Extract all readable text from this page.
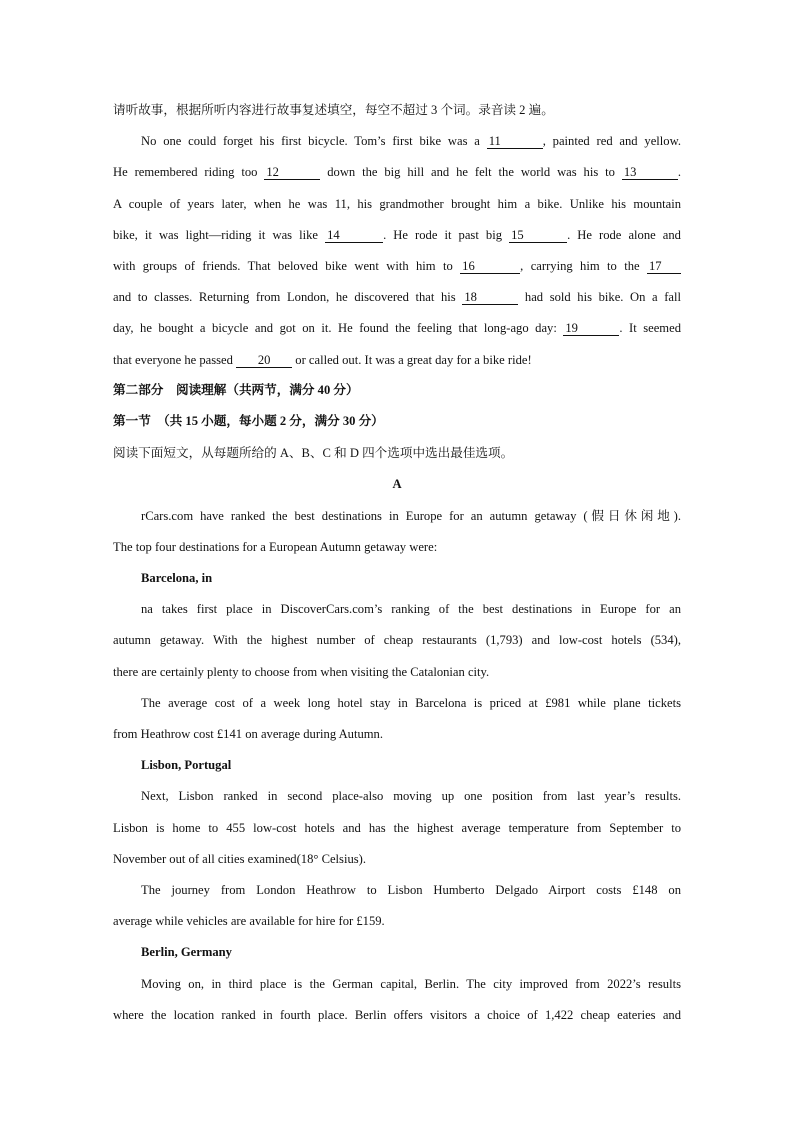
请听故事，根据所听内容进行故事复述填空，每空不超过 3 个词。录音读 2 遍。
No one could forget his first bicycle. Tom’s first bike was a 11	, painted red and yellow.
He remembered riding too 12	down the big hill and he felt the world was his to 13	.
A couple of years later, when he was 11, his grandmother brought him a bike. Unlike his mountain
bike, it was light—riding it was like 14	. He rode it past big 15	. He rode alone and
with groups of friends. That beloved bike went with him to 16	, carrying him to the 17
and to classes. Returning from London, he discovered that his 18	had sold his bike. On a fall
day, he bought a bicycle and got on it. He found the feeling that long-ago day: 19	. It seemed
that everyone he passed 20 or called out. It was a great day for a bike ride!
第二部分　阅读理解（共两节，满分 40 分）
第一节　（共 15 小题，每小题 2 分，满分 30 分）
阅读下面短文，从每题所给的 A、B、C 和 D 四个选项中选出最佳选项。
A
rCars.com have ranked the best destinations in Europe for an autumn getaway (假日休闲地).
The top four destinations for a European Autumn getaway were:
Barcelona, in
na takes first place in DiscoverCars.com’s ranking of the best destinations in Europe for an
autumn getaway. With the highest number of cheap restaurants (1,793) and low-cost hotels (534),
there are certainly plenty to choose from when visiting the Catalonian city.
The average cost of a week long hotel stay in Barcelona is priced at £981 while plane tickets
from Heathrow cost £141 on average during Autumn.
Lisbon, Portugal
Next, Lisbon ranked in second place-also moving up one position from last year’s results.
Lisbon is home to 455 low-cost hotels and has the highest average temperature from September to
November out of all cities examined(18° Celsius).
The journey from London Heathrow to Lisbon Humberto Delgado Airport costs £148 on
average while vehicles are available for hire for £159.
Berlin, Germany
Moving on, in third place is the German capital, Berlin. The city improved from 2022’s results
where the location ranked in fourth place. Berlin offers visitors a choice of 1,422 cheap eateries and
